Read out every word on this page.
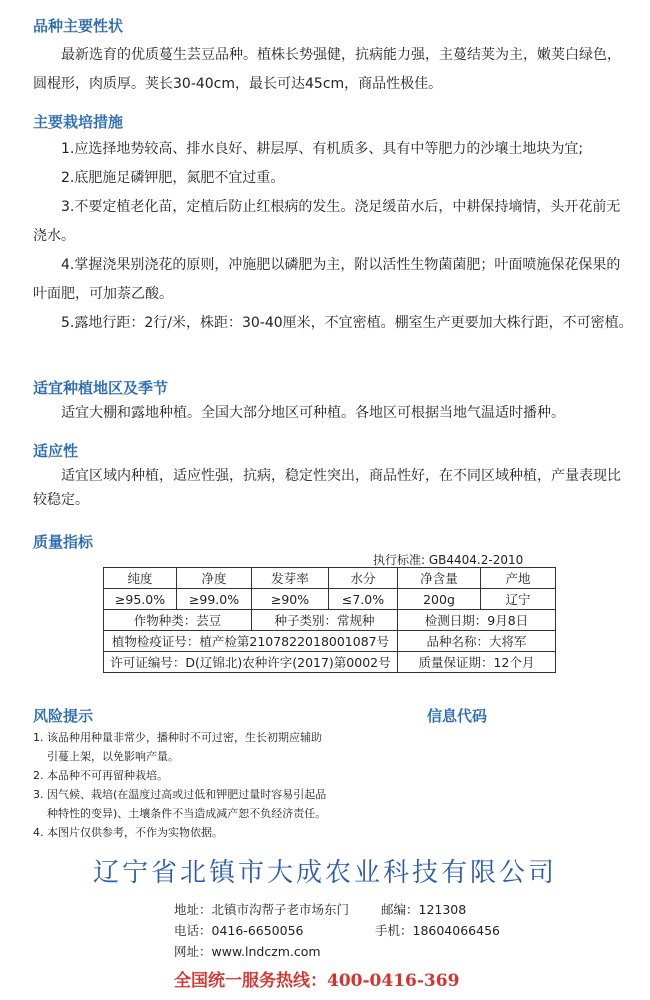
品种主要性状

最新选育的优质蔓生芸豆品种。植株长势强健，抗病能力强，主蔓结荚为主，嫩荚白绿色，圆棍形，肉质厚。荚长30-40cm，最长可达45cm，商品性极佳。

主要栽培措施

1.应选择地势较高、排水良好、耕层厚、有机质多、具有中等肥力的沙壤土地块为宜;

2.底肥施足磷钾肥，氮肥不宜过重。

3.不要定植老化苗，定植后防止红根病的发生。浇足缓苗水后，中耕保持墒情，头开花前无浇水。

4.掌握浇果别浇花的原则，冲施肥以磷肥为主，附以活性生物菌菌肥；叶面喷施保花保果的叶面肥，可加萘乙酸。

5.露地行距：2行/米，株距：30-40厘米，不宜密植。棚室生产更要加大株行距，不可密植。

适宜种植地区及季节

适宜大棚和露地种植。全国大部分地区可种植。各地区可根据当地气温适时播种。

适应性

适宜区域内种植，适应性强，抗病，稳定性突出，商品性好，在不同区域种植，产量表现比较稳定。

质量指标
执行标准: GB4404.2-2010
纯度	净度	发芽率	水分	净含量	产地
≥95.0%	≥99.0%	≥90%	≤7.0%	200g	辽宁
作物种类：芸豆		种子类别：常规种		检测日期：9月8日	
植物检疫证号：植产检第2107822018001087号				品种名称：大将军	
许可证编号：D(辽锦北)农种许字(2017)第0002号				质量保证期：12个月	
风险提示	信息代码
1. 该品种用种量非常少，播种时不可过密，生长初期应辅助
引蔓上架，以免影响产量。
2. 本品种不可再留种栽培。
3. 因气候、栽培(在温度过高或过低和钾肥过量时容易引起品
种特性的变异)、土壤条件不当造成减产恕不负经济责任。
4. 本图片仅供参考，不作为实物依据。
辽宁省北镇市大成农业科技有限公司
地址：北镇市沟帮子老市场东门	邮编：121308
电话：0416-6650056	手机：18604066456
网址：www.lndczm.com
全国统一服务热线：400-0416-369
